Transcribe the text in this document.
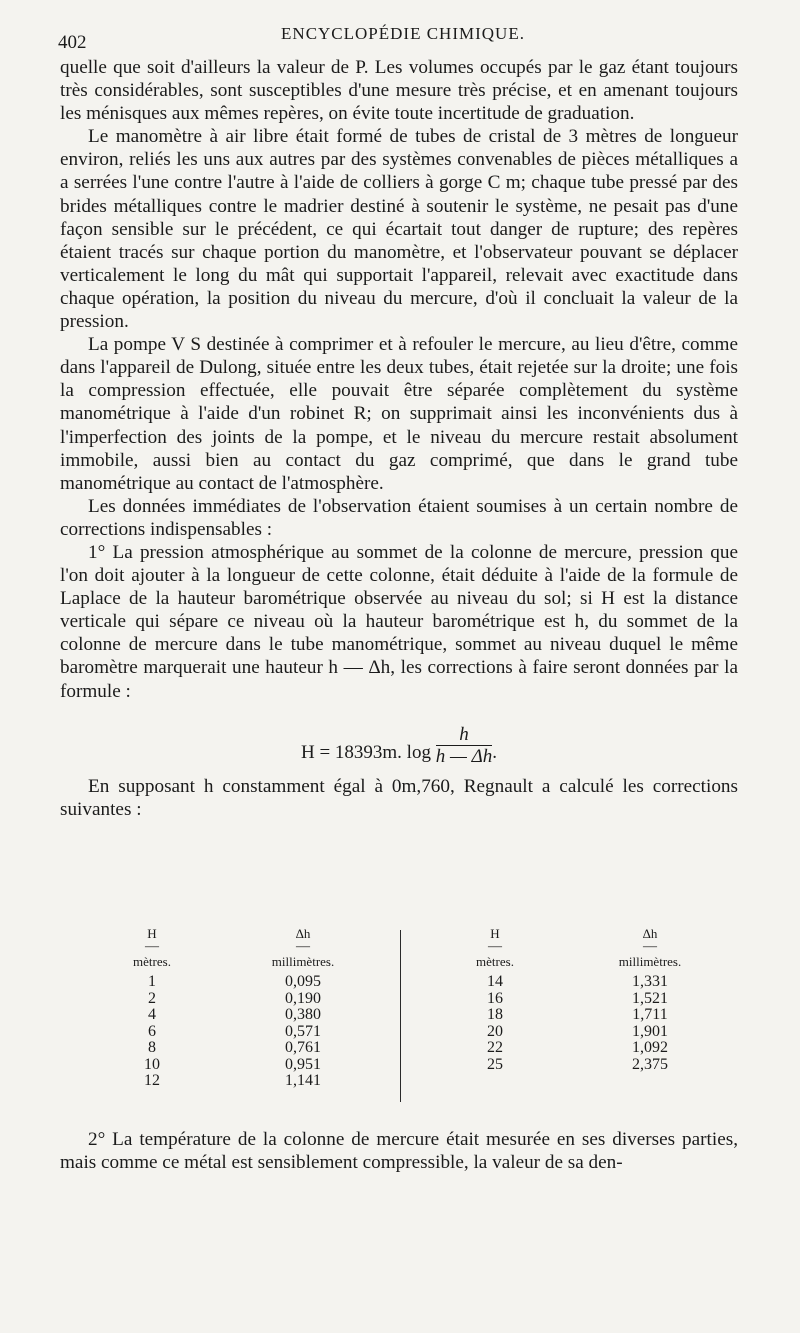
402	ENCYCLOPÉDIE CHIMIQUE.

quelle que soit d'ailleurs la valeur de P. Les volumes occupés par le gaz étant toujours très considérables, sont susceptibles d'une mesure très précise, et en amenant toujours les ménisques aux mêmes repères, on évite toute incertitude de graduation.

Le manomètre à air libre était formé de tubes de cristal de 3 mètres de longueur environ, reliés les uns aux autres par des systèmes convenables de pièces métalliques a a serrées l'une contre l'autre à l'aide de colliers à gorge C m; chaque tube pressé par des brides métalliques contre le madrier destiné à soutenir le système, ne pesait pas d'une façon sensible sur le précédent, ce qui écartait tout danger de rupture; des repères étaient tracés sur chaque portion du manomètre, et l'observateur pouvant se déplacer verticalement le long du mât qui supportait l'appareil, relevait avec exactitude dans chaque opération, la position du niveau du mercure, d'où il concluait la valeur de la pression.

La pompe V S destinée à comprimer et à refouler le mercure, au lieu d'être, comme dans l'appareil de Dulong, située entre les deux tubes, était rejetée sur la droite; une fois la compression effectuée, elle pouvait être séparée complètement du système manométrique à l'aide d'un robinet R; on supprimait ainsi les inconvénients dus à l'imperfection des joints de la pompe, et le niveau du mercure restait absolument immobile, aussi bien au contact du gaz comprimé, que dans le grand tube manométrique au contact de l'atmosphère.

Les données immédiates de l'observation étaient soumises à un certain nombre de corrections indispensables :

1° La pression atmosphérique au sommet de la colonne de mercure, pression que l'on doit ajouter à la longueur de cette colonne, était déduite à l'aide de la formule de Laplace de la hauteur barométrique observée au niveau du sol; si H est la distance verticale qui sépare ce niveau où la hauteur barométrique est h, du sommet de la colonne de mercure dans le tube manométrique, sommet au niveau duquel le même baromètre marquerait une hauteur h — Δh, les corrections à faire seront données par la formule :

H = 18393m. $\log \frac{h}{h — \Delta h}$ .

En supposant h constamment égal à 0m,760, Regnault a calculé les corrections suivantes :

H
—
mètres.
1
2
4
6
8
10
12
Δh
—
millimètres.
0,095
0,190
0,380
0,571
0,761
0,951
1,141
H
—
mètres.
14
16
18
20
22
25
Δh
—
millimètres.
1,331
1,521
1,711
1,901
1,092
2,375

2° La température de la colonne de mercure était mesurée en ses diverses parties, mais comme ce métal est sensiblement compressible, la valeur de sa den-
